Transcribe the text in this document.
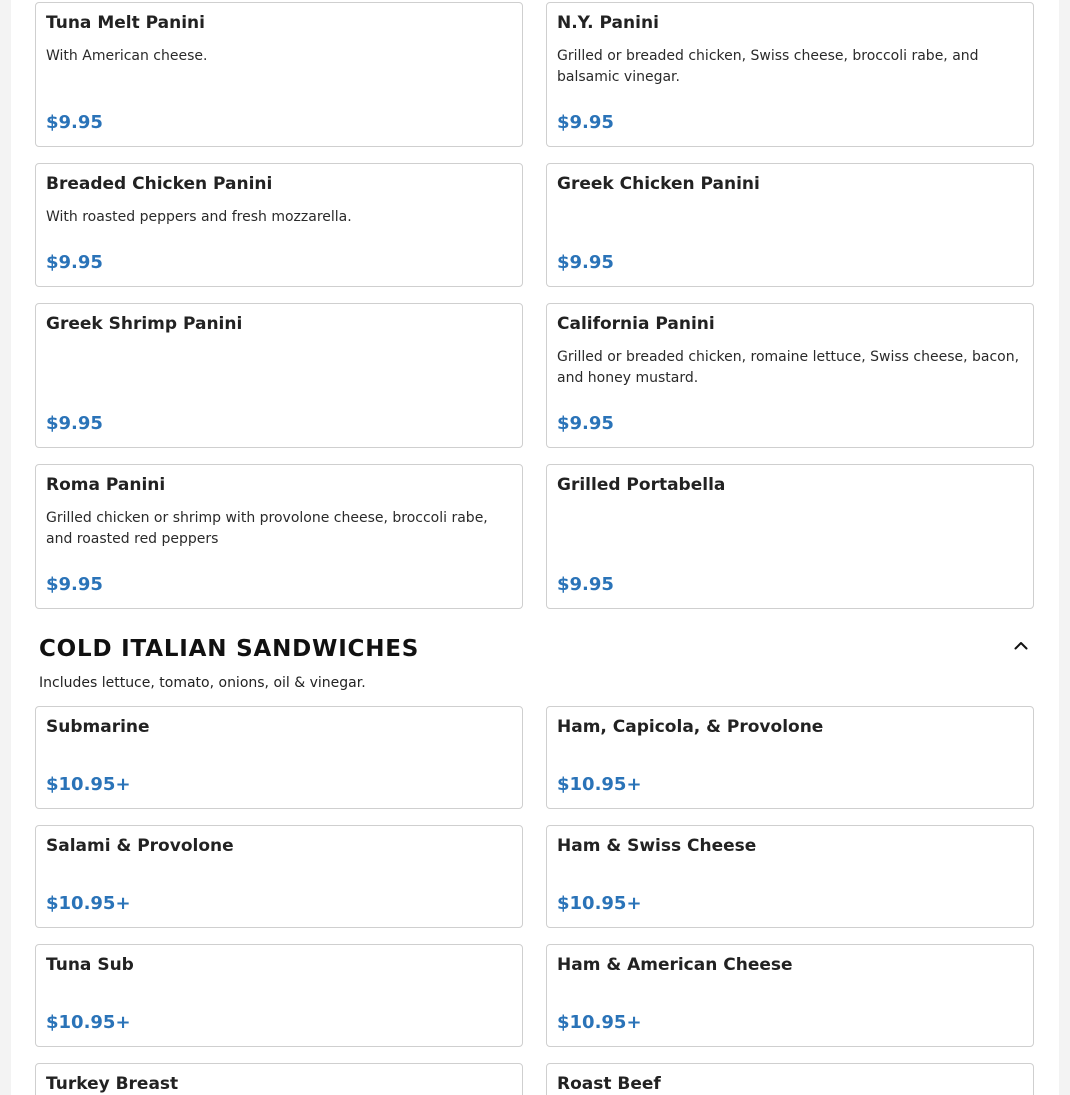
Tuna Melt Panini
With American cheese.
$9.95
N.Y. Panini
Grilled or breaded chicken, Swiss cheese, broccoli rabe, and balsamic vinegar.
$9.95
Breaded Chicken Panini
With roasted peppers and fresh mozzarella.
$9.95
Greek Chicken Panini
$9.95
Greek Shrimp Panini
$9.95
California Panini
Grilled or breaded chicken, romaine lettuce, Swiss cheese, bacon, and honey mustard.
$9.95
Roma Panini
Grilled chicken or shrimp with provolone cheese, broccoli rabe, and roasted red peppers
$9.95
Grilled Portabella
$9.95
COLD ITALIAN SANDWICHES
Includes lettuce, tomato, onions, oil & vinegar.
Submarine
$10.95+
Ham, Capicola, & Provolone
$10.95+
Salami & Provolone
$10.95+
Ham & Swiss Cheese
$10.95+
Tuna Sub
$10.95+
Ham & American Cheese
$10.95+
Turkey Breast	Roast Beef
